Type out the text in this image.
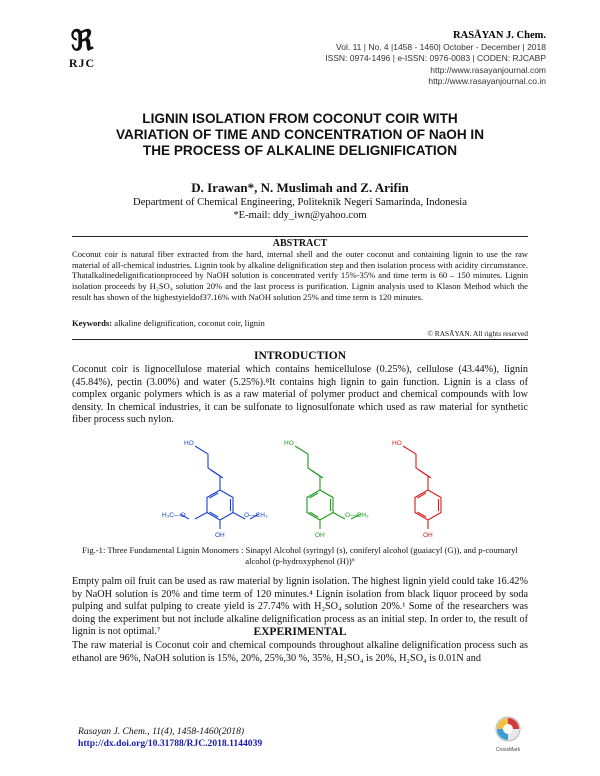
ℜ
RJC
RASĀYAN J. Chem.
Vol. 11 | No. 4 |1458 - 1460| October - December | 2018
ISSN: 0974-1496 | e-ISSN: 0976-0083 | CODEN: RJCABP
http://www.rasayanjournal.com
http://www.rasayanjournal.co.in
LIGNIN ISOLATION FROM COCONUT COIR WITH
VARIATION OF TIME AND CONCENTRATION OF NaOH IN
THE PROCESS OF ALKALINE DELIGNIFICATION
D. Irawan*, N. Muslimah and Z. Arifin
Department of Chemical Engineering, Politeknik Negeri Samarinda, Indonesia
*E-mail: ddy_iwn@yahoo.com
ABSTRACT
Coconut coir is natural fiber extracted from the hard, internal shell and the outer coconut and containing lignin to use the raw material of all-chemical industries. Lignin took by alkaline delignification step and then isolation process with acidity circumstance. Thatalkalinedelignificationproceed by NaOH solution is concentrated verify 15%-35% and time term is 60 – 150 minutes. Lignin isolation proceeds by H₂SO₄ solution 20% and the last process is purification. Lignin analysis used to Klason Method which the result has shown of the highestyieldof37.16% with NaOH solution 25% and time term is 120 minutes.
Keywords: alkaline delignification, coconut coir, lignin
© RASĀYAN. All rights reserved
INTRODUCTION
Coconut coir is lignocellulose material which contains hemicellulose (0.25%), cellulose (43.44%), lignin (45.84%), pectin (3.00%) and water (5.25%).⁸It contains high lignin to gain function. Lignin is a class of complex organic polymers which is as a raw material of polymer product and chemical compounds with low density. In chemical industries, it can be sulfonate to lignosulfonate which used as raw material for synthetic fiber process such nylon.
HO
OH
H₃C—O	O—CH₃
HO
OH
O—CH₃
HO
OH
Fig.-1: Three Fundamental Lignin Monomers : Sinapyl Alcohol (syringyl (s), coniferyl alcohol (guaiacyl (G)), and p-coumaryl alcohol (p-hydroxyphenol (H))⁶
Empty palm oil fruit can be used as raw material by lignin isolation. The highest lignin yield could take 16.42% by NaOH solution is 20% and time term of 120 minutes.⁴ Lignin isolation from black liquor proceed by soda pulping and sulfat pulping to create yield is 27.74% with H₂SO₄ solution 20%.¹ Some of the researchers was doing the experiment but not include alkaline delignification process as an initial step. In order to, the result of lignin is not optimal.⁷	EXPERIMENTAL
The raw material is Coconut coir and chemical compounds throughout alkaline delignification process such as ethanol are 96%, NaOH solution is 15%, 20%, 25%,30 %, 35%, H₂SO₄ is 20%, H₂SO₄ is 0.01N and
Rasayan J. Chem., 11(4), 1458-1460(2018)
http://dx.doi.org/10.31788/RJC.2018.1144039
CrossMark
